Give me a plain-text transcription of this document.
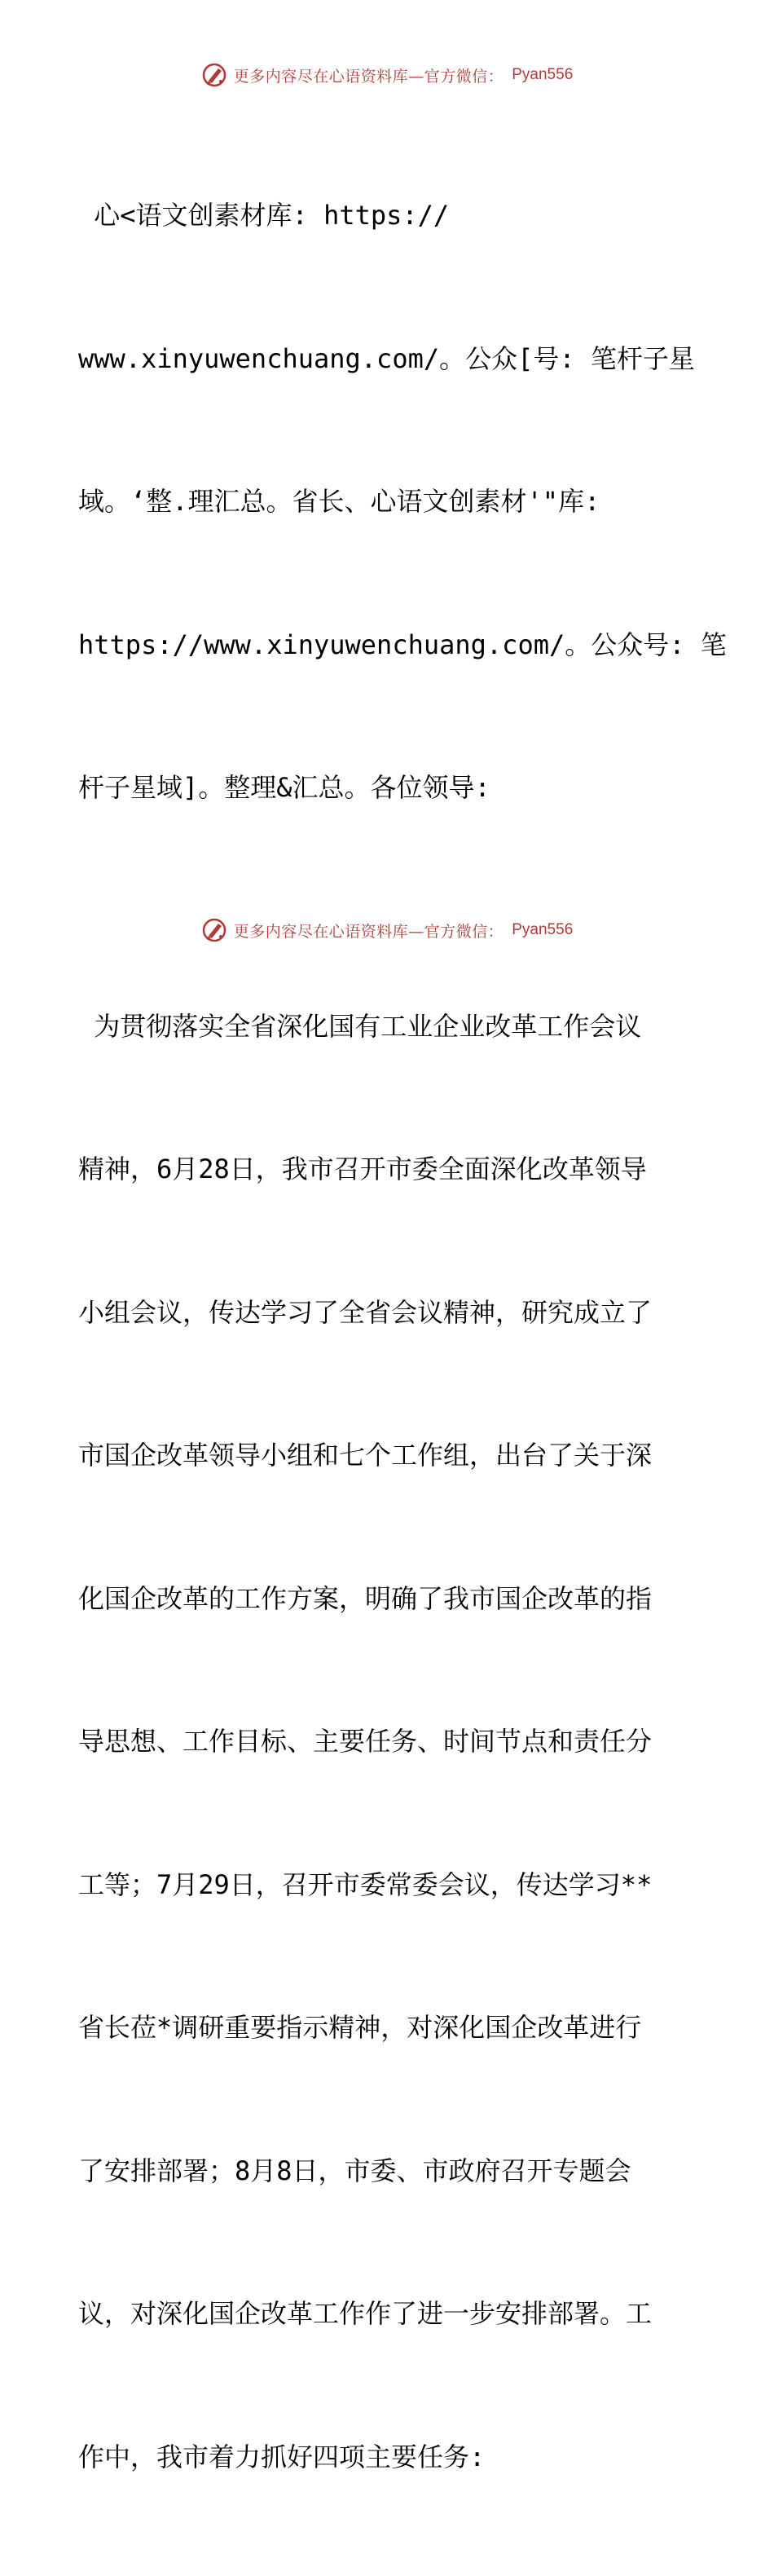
更多内容尽在心语资料库—官方微信： Pyan556

心<语文创素材库: https://

www.xinyuwenchuang.com/。公众[号: 笔杆子星

域。‘整.理汇总。省长、心语文创素材'"库:

https://www.xinyuwenchuang.com/。公众号: 笔

杆子星域]。整理&汇总。各位领导:

为贯彻落实全省深化国有工业企业改革工作会议

精神，6月28日，我市召开市委全面深化改革领导

小组会议，传达学习了全省会议精神，研究成立了

市国企改革领导小组和七个工作组，出台了关于深

化国企改革的工作方案，明确了我市国企改革的指

导思想、工作目标、主要任务、时间节点和责任分

工等；7月29日，召开市委常委会议，传达学习**

省长莅*调研重要指示精神，对深化国企改革进行

了安排部署；8月8日，市委、市政府召开专题会

议，对深化国企改革工作作了进一步安排部署。工

作中，我市着力抓好四项主要任务:

更多内容尽在心语资料库—官方微信： Pyan556
